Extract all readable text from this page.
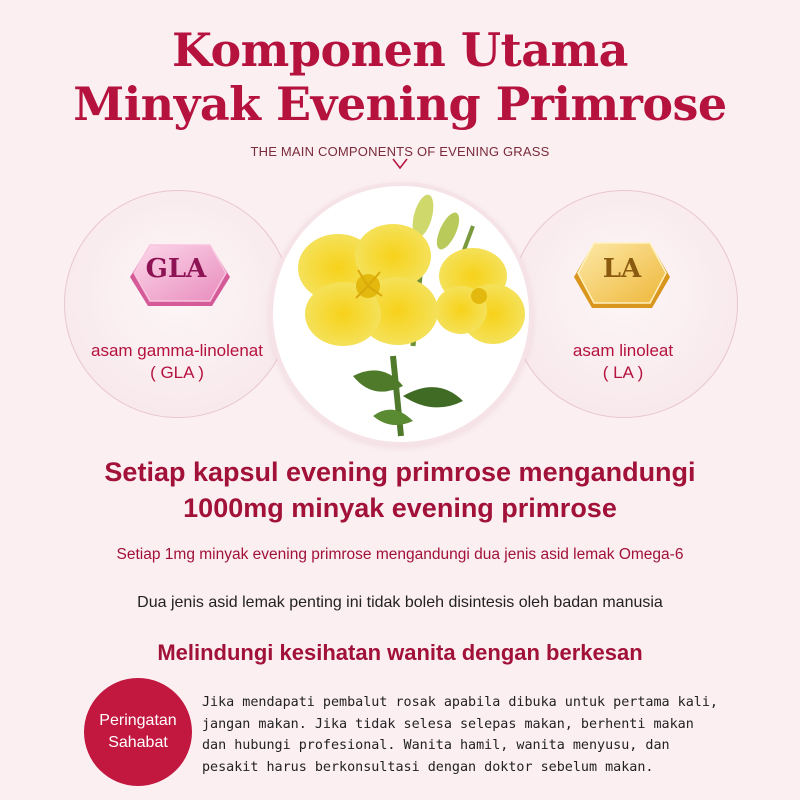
Komponen Utama
Minyak Evening Primrose
THE MAIN COMPONENTS OF EVENING GRASS
GLA
asam gamma-linolenat
( GLA )
LA
asam linoleat
( LA )
Setiap kapsul evening primrose mengandungi
1000mg minyak evening primrose
Setiap 1mg minyak evening primrose mengandungi dua jenis asid lemak Omega-6
Dua jenis asid lemak penting ini tidak boleh disintesis oleh badan manusia
Melindungi kesihatan wanita dengan berkesan
Peringatan
Sahabat
Jika mendapati pembalut rosak apabila dibuka untuk pertama kali,
jangan makan. Jika tidak selesa selepas makan, berhenti makan
dan hubungi profesional. Wanita hamil, wanita menyusu, dan
pesakit harus berkonsultasi dengan doktor sebelum makan.
